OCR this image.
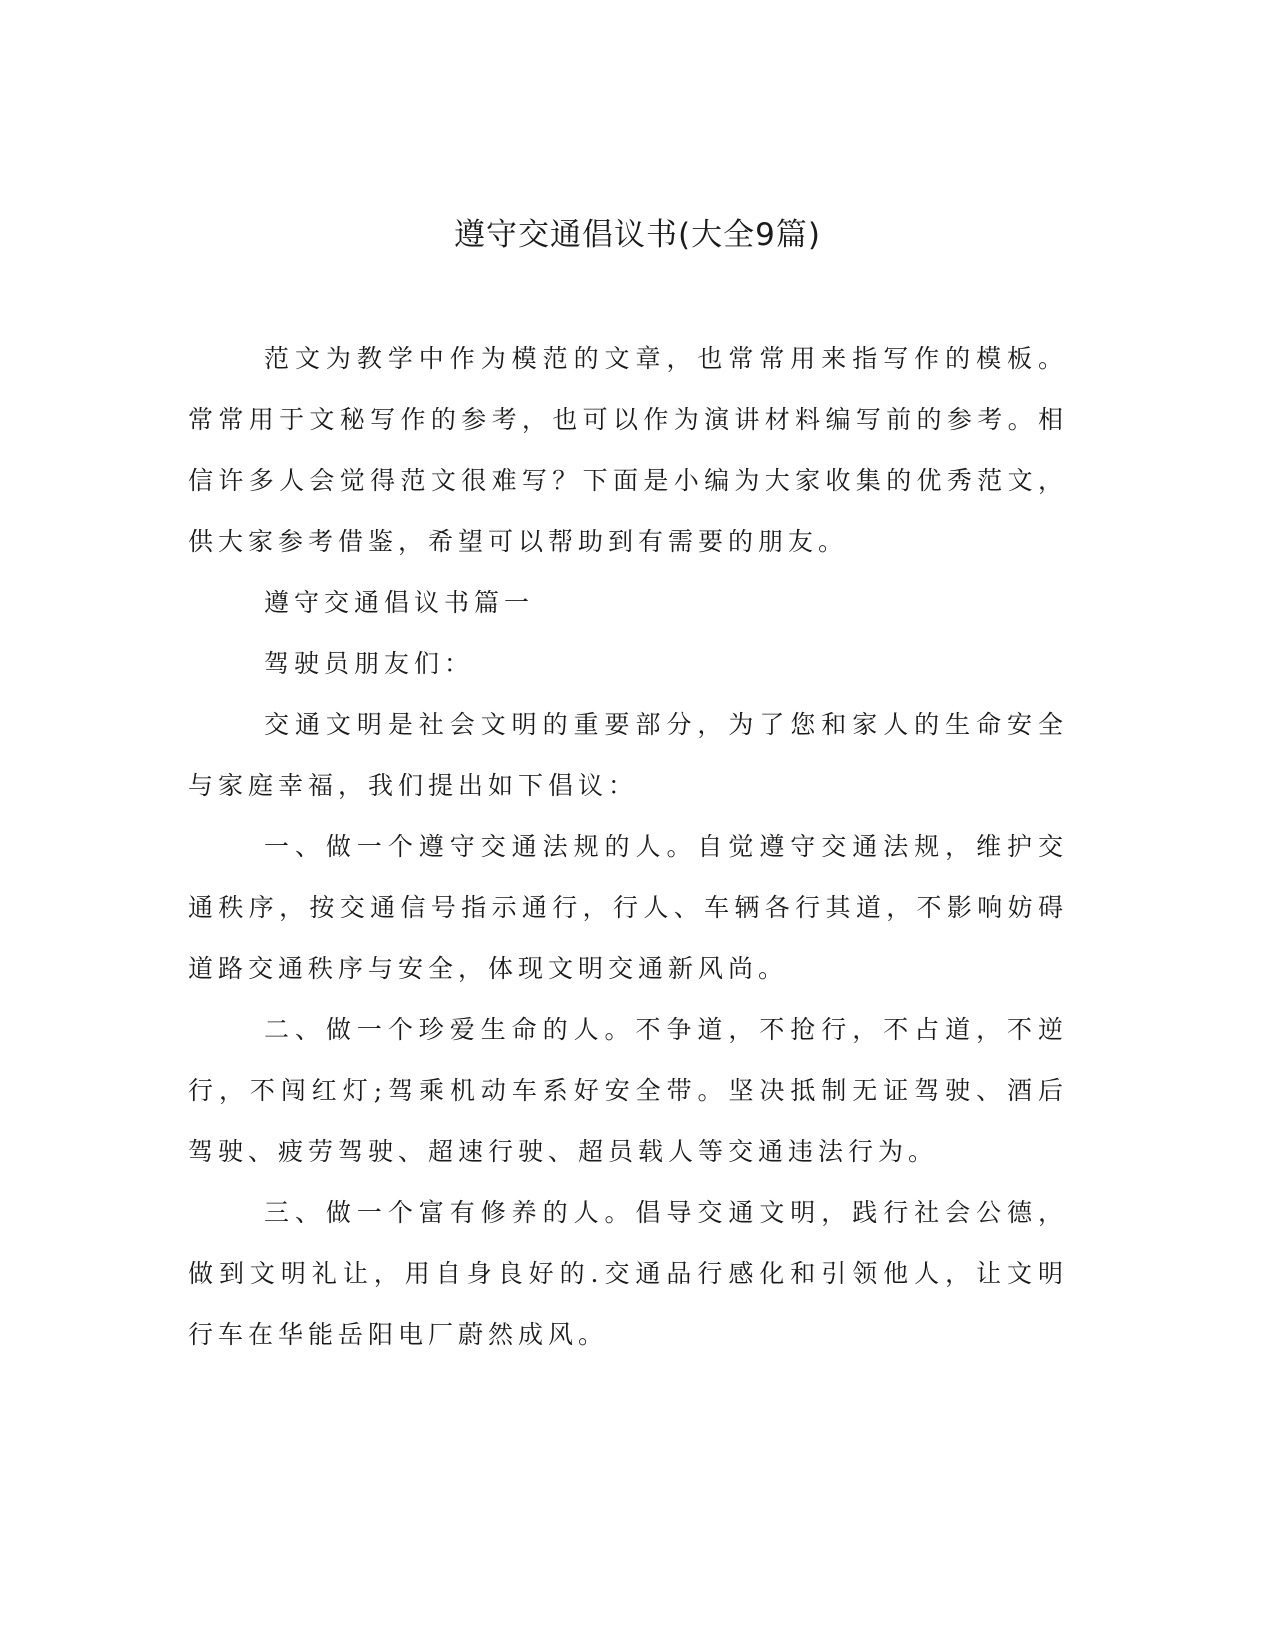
遵守交通倡议书(大全9篇)

范文为教学中作为模范的文章，也常常用来指写作的模板。常常用于文秘写作的参考，也可以作为演讲材料编写前的参考。相信许多人会觉得范文很难写？下面是小编为大家收集的优秀范文，供大家参考借鉴，希望可以帮助到有需要的朋友。

遵守交通倡议书篇一

驾驶员朋友们：

交通文明是社会文明的重要部分，为了您和家人的生命安全与家庭幸福，我们提出如下倡议：

一、做一个遵守交通法规的人。自觉遵守交通法规，维护交通秩序，按交通信号指示通行，行人、车辆各行其道，不影响妨碍道路交通秩序与安全，体现文明交通新风尚。

二、做一个珍爱生命的人。不争道，不抢行，不占道，不逆行，不闯红灯;驾乘机动车系好安全带。坚决抵制无证驾驶、酒后驾驶、疲劳驾驶、超速行驶、超员载人等交通违法行为。

三、做一个富有修养的人。倡导交通文明，践行社会公德，做到文明礼让，用自身良好的.交通品行感化和引领他人，让文明行车在华能岳阳电厂蔚然成风。
